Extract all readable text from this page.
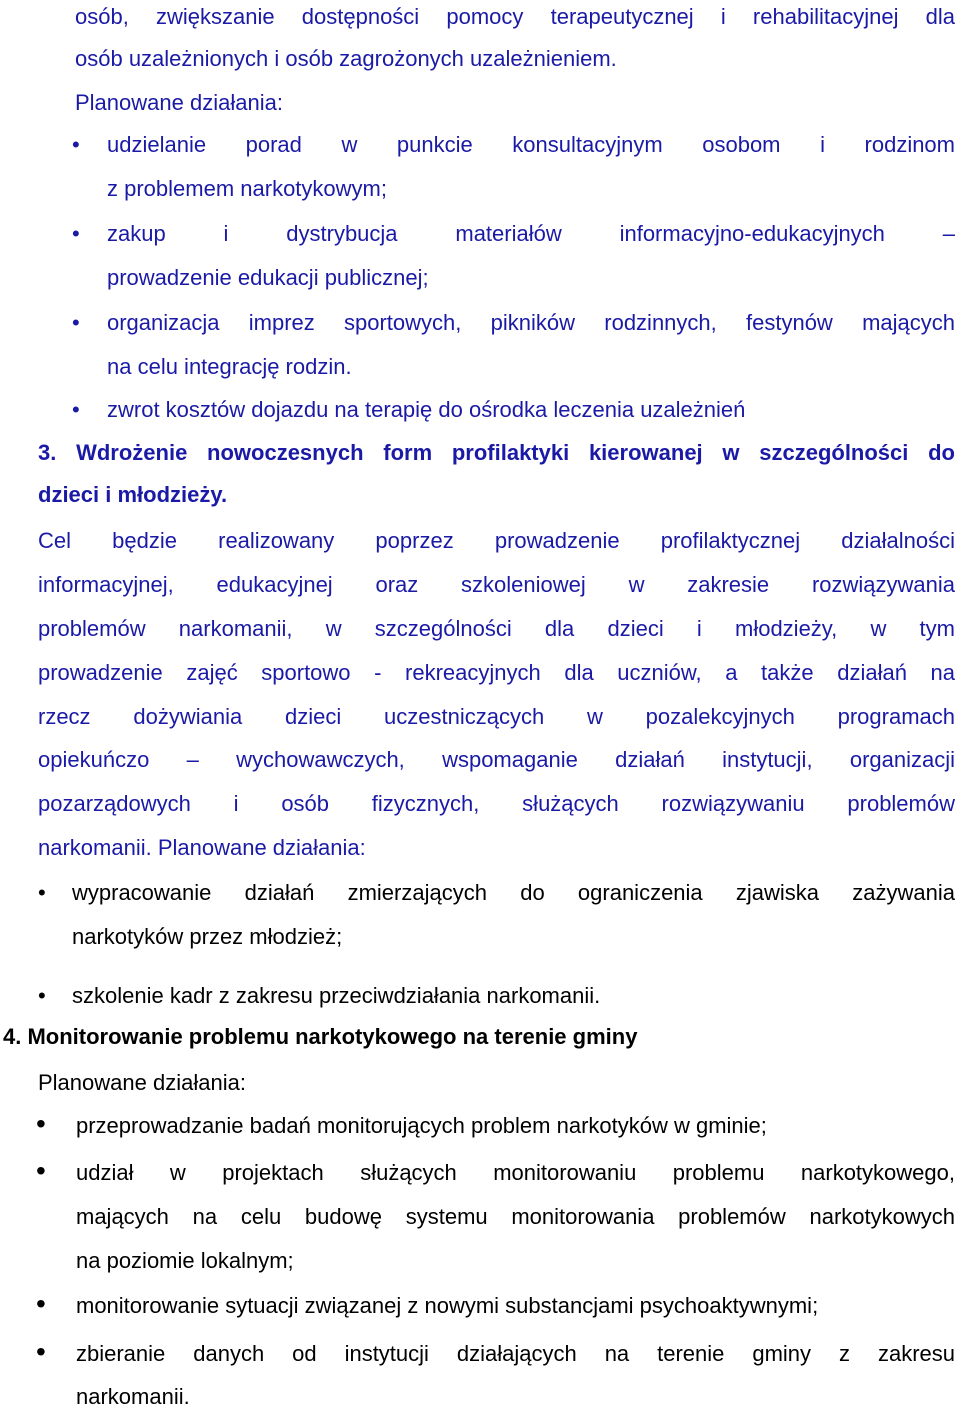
osób, zwiększanie dostępności pomocy terapeutycznej i rehabilitacyjnej dla

osób uzależnionych i osób zagrożonych uzależnieniem.

Planowane działania:

• udzielanie porad w punkcie konsultacyjnym osobom i rodzinom

z problemem narkotykowym;

• zakup i dystrybucja materiałów informacyjno-edukacyjnych –

prowadzenie edukacji publicznej;

• organizacja imprez sportowych, pikników rodzinnych, festynów mających

na celu integrację rodzin.

• zwrot kosztów dojazdu na terapię do ośrodka leczenia uzależnień

3. Wdrożenie nowoczesnych form profilaktyki kierowanej w szczególności do

dzieci i młodzieży.

Cel będzie realizowany poprzez prowadzenie profilaktycznej działalności

informacyjnej, edukacyjnej oraz szkoleniowej w zakresie rozwiązywania

problemów narkomanii, w szczególności dla dzieci i młodzieży, w tym

prowadzenie zajęć sportowo - rekreacyjnych dla uczniów, a także działań na

rzecz dożywiania dzieci uczestniczących w pozalekcyjnych programach

opiekuńczo – wychowawczych, wspomaganie działań instytucji, organizacji

pozarządowych i osób fizycznych, służących rozwiązywaniu problemów

narkomanii. Planowane działania:

• wypracowanie działań zmierzających do ograniczenia zjawiska zażywania

narkotyków przez młodzież;

• szkolenie kadr z zakresu przeciwdziałania narkomanii.

4. Monitorowanie problemu narkotykowego na terenie gminy

Planowane działania:

• przeprowadzanie badań monitorujących problem narkotyków w gminie;

• udział w projektach służących monitorowaniu problemu narkotykowego,

mających na celu budowę systemu monitorowania problemów narkotykowych

na poziomie lokalnym;

• monitorowanie sytuacji związanej z nowymi substancjami psychoaktywnymi;

• zbieranie danych od instytucji działających na terenie gminy z zakresu

narkomanii.
